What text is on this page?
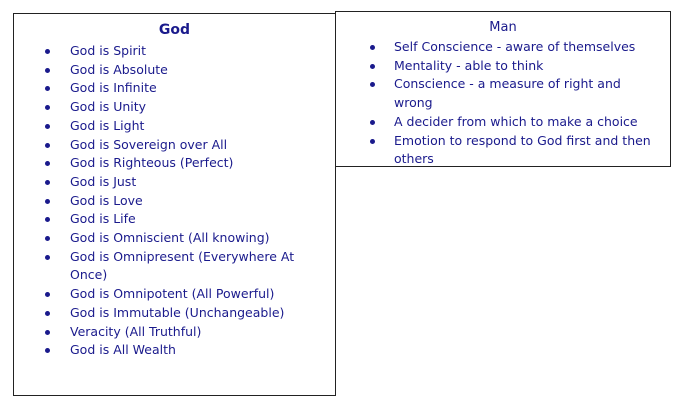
God
God is Spirit
God is Absolute
God is Infinite
God is Unity
God is Light
God is Sovereign over All
God is Righteous (Perfect)
God is Just
God is Love
God is Life
God is Omniscient (All knowing)
God is Omnipresent (Everywhere At Once)
God is Omnipotent (All Powerful)
God is Immutable (Unchangeable)
Veracity (All Truthful)
God is All Wealth
Man
Self Conscience - aware of themselves
Mentality - able to think
Conscience - a measure of right and wrong
A decider from which to make a choice
Emotion to respond to God first and then others
